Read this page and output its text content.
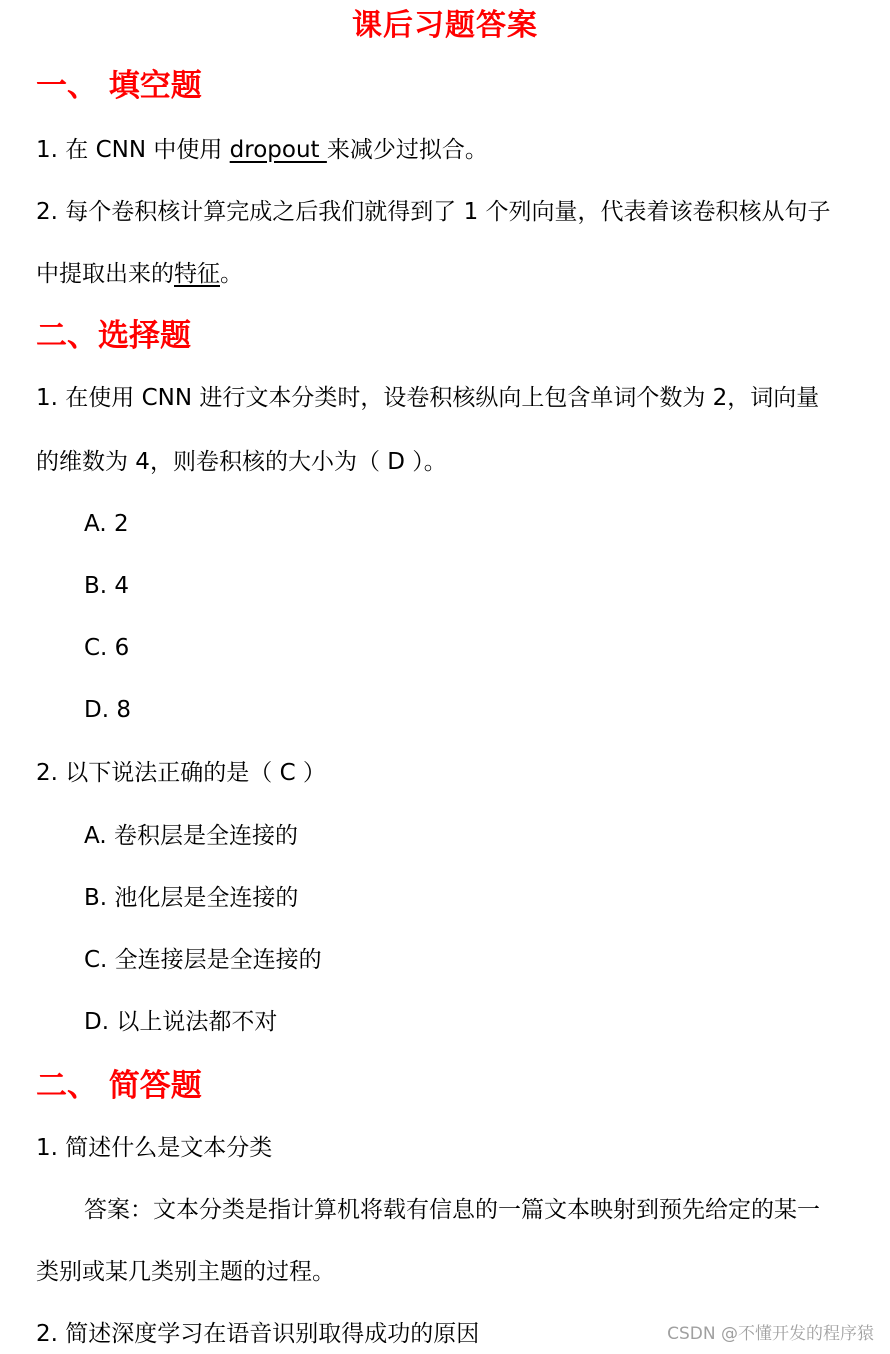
课后习题答案
一、 填空题
1. 在 CNN 中使用 dropout 来减少过拟合。
2. 每个卷积核计算完成之后我们就得到了 1 个列向量，代表着该卷积核从句子
中提取出来的特征。
二、选择题
1. 在使用 CNN 进行文本分类时，设卷积核纵向上包含单词个数为 2，词向量
的维数为 4，则卷积核的大小为（ D ）。
A. 2
B. 4
C. 6
D. 8
2. 以下说法正确的是（ C ）
A. 卷积层是全连接的
B. 池化层是全连接的
C. 全连接层是全连接的
D. 以上说法都不对
二、 简答题
1. 简述什么是文本分类
答案：文本分类是指计算机将载有信息的一篇文本映射到预先给定的某一
类别或某几类别主题的过程。
2. 简述深度学习在语音识别取得成功的原因	CSDN @不懂开发的程序猿
